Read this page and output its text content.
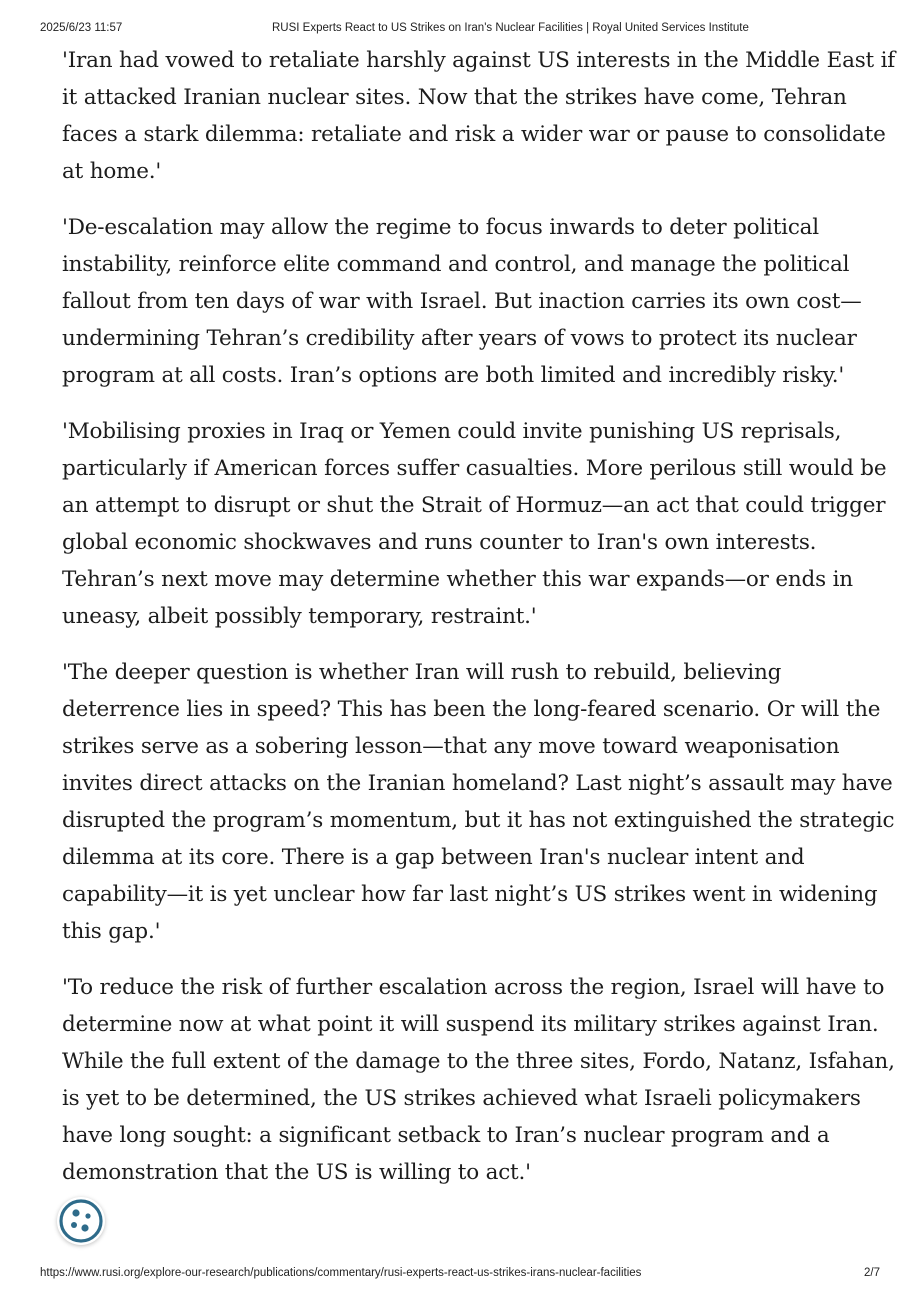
2025/6/23 11:57	RUSI Experts React to US Strikes on Iran's Nuclear Facilities | Royal United Services Institute

'Iran had vowed to retaliate harshly against US interests in the Middle East if
it attacked Iranian nuclear sites. Now that the strikes have come, Tehran
faces a stark dilemma: retaliate and risk a wider war or pause to consolidate
at home.'

'De-escalation may allow the regime to focus inwards to deter political
instability, reinforce elite command and control, and manage the political
fallout from ten days of war with Israel. But inaction carries its own cost—
undermining Tehran’s credibility after years of vows to protect its nuclear
program at all costs. Iran’s options are both limited and incredibly risky.'

'Mobilising proxies in Iraq or Yemen could invite punishing US reprisals,
particularly if American forces suffer casualties. More perilous still would be
an attempt to disrupt or shut the Strait of Hormuz—an act that could trigger
global economic shockwaves and runs counter to Iran's own interests.
Tehran’s next move may determine whether this war expands—or ends in
uneasy, albeit possibly temporary, restraint.'

'The deeper question is whether Iran will rush to rebuild, believing
deterrence lies in speed? This has been the long-feared scenario. Or will the
strikes serve as a sobering lesson—that any move toward weaponisation
invites direct attacks on the Iranian homeland? Last night’s assault may have
disrupted the program’s momentum, but it has not extinguished the strategic
dilemma at its core. There is a gap between Iran's nuclear intent and
capability—it is yet unclear how far last night’s US strikes went in widening
this gap.'

'To reduce the risk of further escalation across the region, Israel will have to
determine now at what point it will suspend its military strikes against Iran.
While the full extent of the damage to the three sites, Fordo, Natanz, Isfahan,
is yet to be determined, the US strikes achieved what Israeli policymakers
have long sought: a significant setback to Iran’s nuclear program and a
demonstration that the US is willing to act.'

https://www.rusi.org/explore-our-research/publications/commentary/rusi-experts-react-us-strikes-irans-nuclear-facilities	2/7
